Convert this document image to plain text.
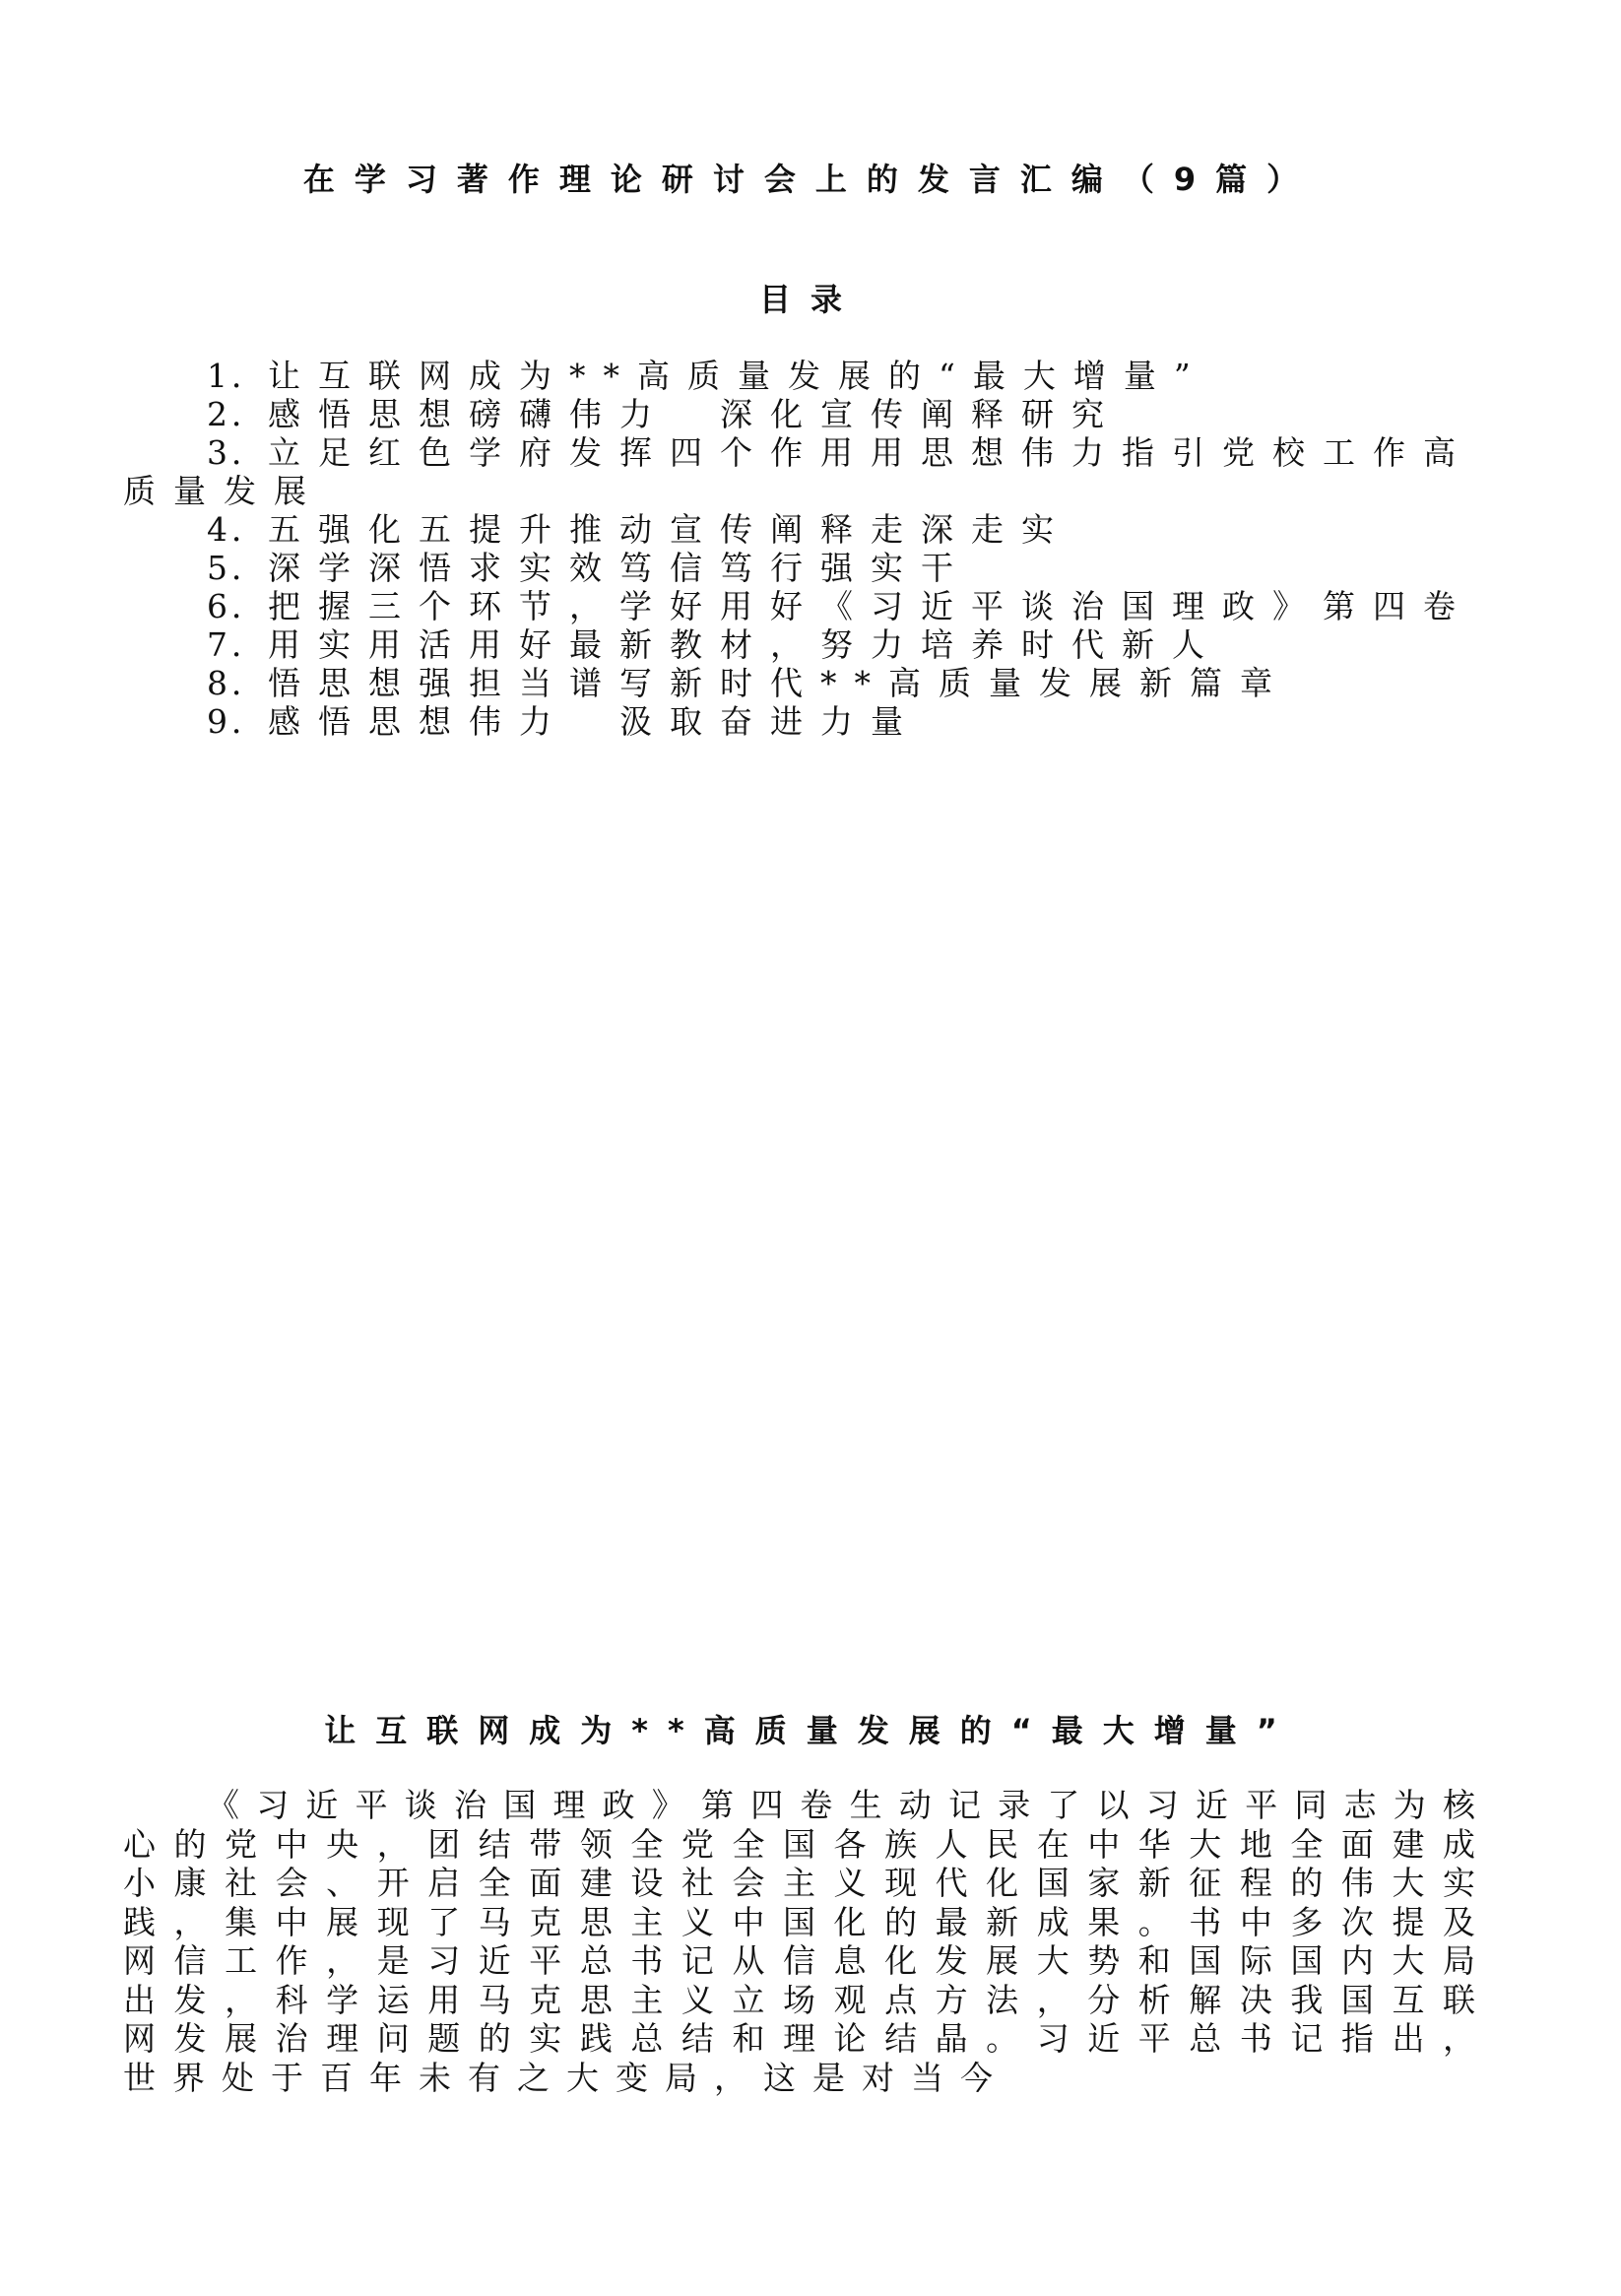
在学习著作理论研讨会上的发言汇编（9篇）
目录
1．让互联网成为**高质量发展的“最大增量”
2．感悟思想磅礴伟力　深化宣传阐释研究
3．立足红色学府发挥四个作用用思想伟力指引党校工作高质量发展
4．五强化五提升推动宣传阐释走深走实
5．深学深悟求实效笃信笃行强实干
6．把握三个环节，学好用好《习近平谈治国理政》第四卷
7．用实用活用好最新教材，努力培养时代新人
8．悟思想强担当谱写新时代**高质量发展新篇章
9．感悟思想伟力　汲取奋进力量
让互联网成为**高质量发展的“最大增量”

《习近平谈治国理政》第四卷生动记录了以习近平同志为核心的党中央，团结带领全党全国各族人民在中华大地全面建成小康社会、开启全面建设社会主义现代化国家新征程的伟大实践，集中展现了马克思主义中国化的最新成果。书中多次提及网信工作，是习近平总书记从信息化发展大势和国际国内大局出发，科学运用马克思主义立场观点方法，分析解决我国互联网发展治理问题的实践总结和理论结晶。习近平总书记指出，世界处于百年未有之大变局，这是对当今
